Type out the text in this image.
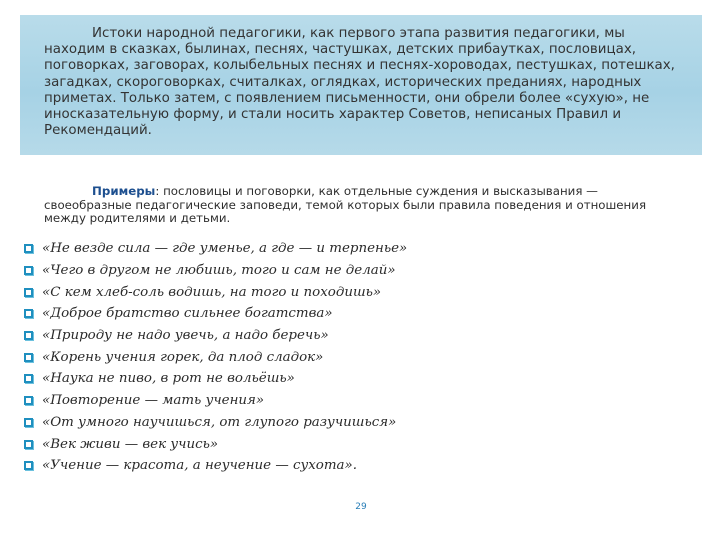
Истоки народной педагогики, как первого этапа развития педагогики, мы находим в сказках, былинах, песнях, частушках, детских прибаутках, пословицах, поговорках, заговорах, колыбельных песнях и песнях-хороводах, пестушках, потешках, загадках, скороговорках, считалках, оглядках, исторических преданиях, народных приметах. Только затем, с появлением письменности, они обрели более «сухую», не иносказательную форму, и стали носить характер Советов, неписаных Правил и Рекомендаций.
Примеры: пословицы и поговорки, как отдельные суждения и высказывания — своеобразные педагогические заповеди, темой которых были правила поведения и отношения между родителями и детьми.
«Не везде сила — где уменье, а где — и терпенье»
«Чего в другом не любишь, того и сам не делай»
«С кем хлеб-соль водишь, на того и походишь»
«Доброе братство сильнее богатства»
«Природу не надо увечь, а надо беречь»
«Корень учения горек, да плод сладок»
«Наука не пиво, в рот не вольёшь»
«Повторение — мать учения»
«От умного научишься, от глупого разучишься»
«Век живи — век учись»
«Учение — красота, а неучение — сухота».
29
